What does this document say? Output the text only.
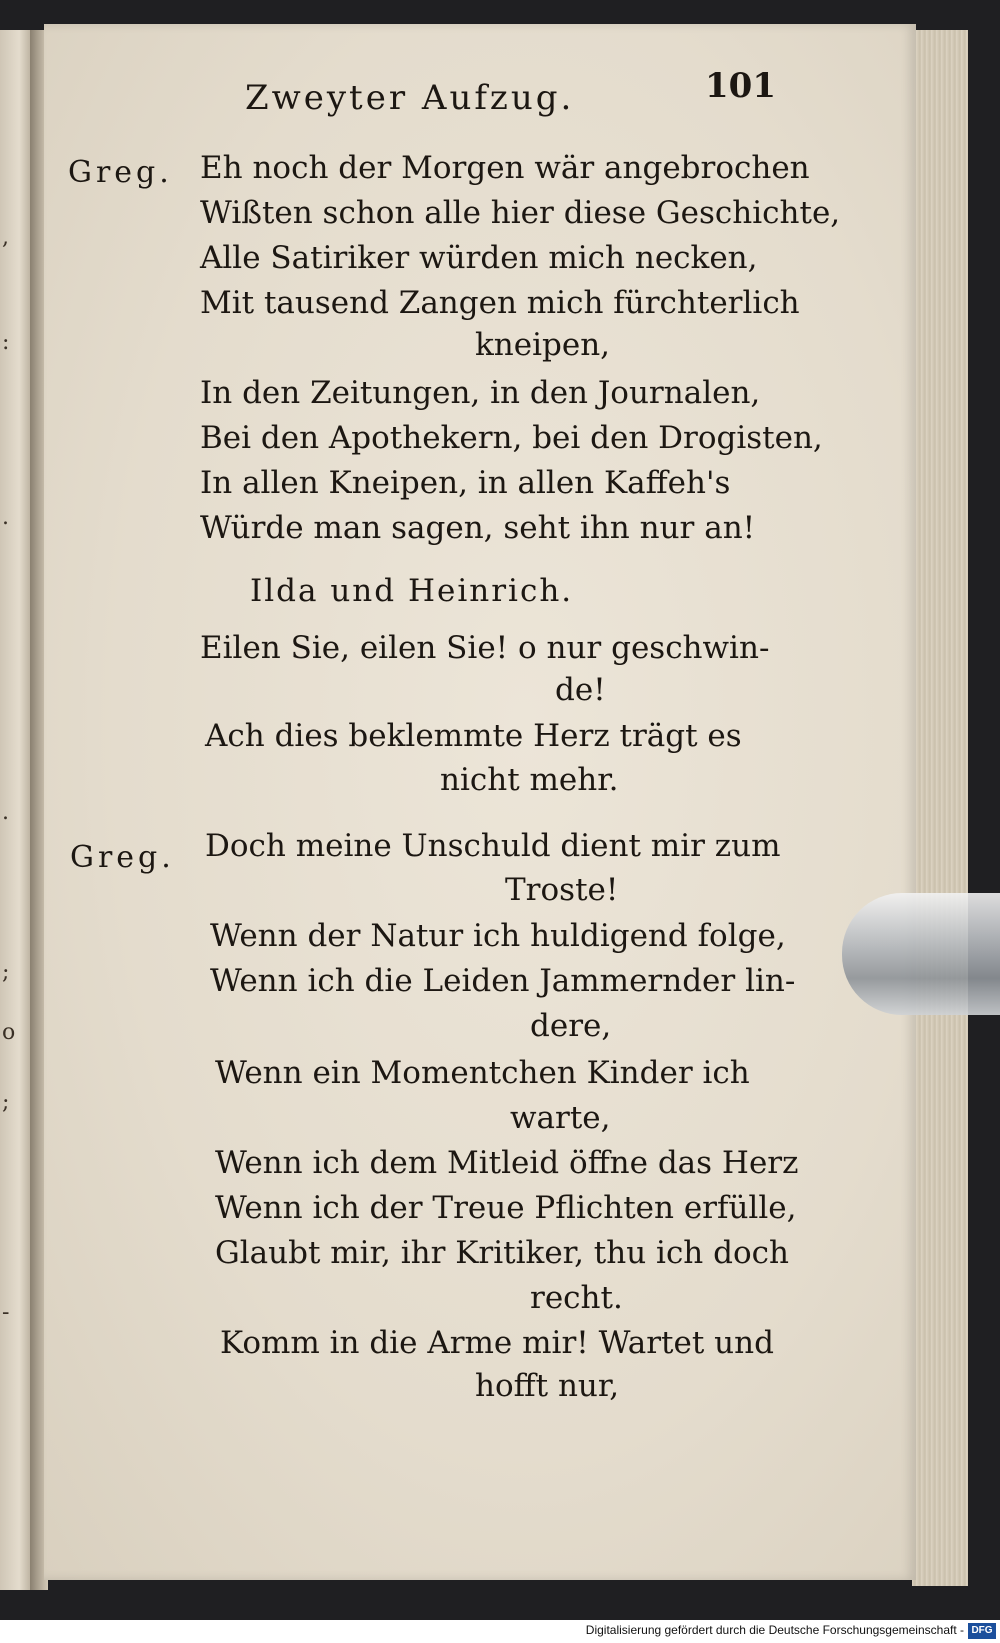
,
:
.
.
;
o
;
-
Zweyter Aufzug.	101
Greg. Eh noch der Morgen wär angebrochen
Wißten schon alle hier diese Geschichte,
Alle Satiriker würden mich necken,
Mit tausend Zangen mich fürchterlich
kneipen,
In den Zeitungen, in den Journalen,
Bei den Apothekern, bei den Drogisten,
In allen Kneipen, in allen Kaffeh's
Würde man sagen, seht ihn nur an!
Ilda und Heinrich.
Eilen Sie, eilen Sie! o nur geschwin-
de!
Ach dies beklemmte Herz trägt es
nicht mehr.
Greg. Doch meine Unschuld dient mir zum
Troste!
Wenn der Natur ich huldigend folge,
Wenn ich die Leiden Jammernder lin-
dere,
Wenn ein Momentchen Kinder ich
warte,
Wenn ich dem Mitleid öffne das Herz
Wenn ich der Treue Pflichten erfülle,
Glaubt mir, ihr Kritiker, thu ich doch
recht.
Komm in die Arme mir! Wartet und
hofft nur,
Digitalisierung gefördert durch die Deutsche Forschungsgemeinschaft - DFG
